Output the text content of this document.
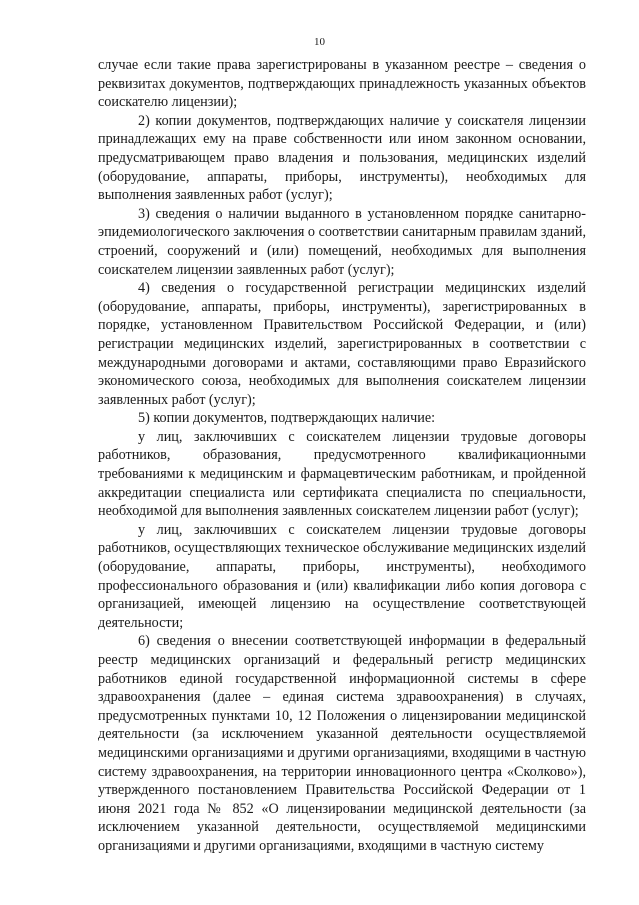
10

случае если такие права зарегистрированы в указанном реестре – сведения о реквизитах документов, подтверждающих принадлежность указанных объектов соискателю лицензии);

2) копии документов, подтверждающих наличие у соискателя лицензии принадлежащих ему на праве собственности или ином законном основании, предусматривающем право владения и пользования, медицинских изделий (оборудование, аппараты, приборы, инструменты), необходимых для выполнения заявленных работ (услуг);

3) сведения о наличии выданного в установленном порядке санитарно-эпидемиологического заключения о соответствии санитарным правилам зданий, строений, сооружений и (или) помещений, необходимых для выполнения соискателем лицензии заявленных работ (услуг);

4) сведения о государственной регистрации медицинских изделий (оборудование, аппараты, приборы, инструменты), зарегистрированных в порядке, установленном Правительством Российской Федерации, и (или) регистрации медицинских изделий, зарегистрированных в соответствии с международными договорами и актами, составляющими право Евразийского экономического союза, необходимых для выполнения соискателем лицензии заявленных работ (услуг);

5) копии документов, подтверждающих наличие:

у лиц, заключивших с соискателем лицензии трудовые договоры работников, образования, предусмотренного квалификационными требованиями к медицинским и фармацевтическим работникам, и пройденной аккредитации специалиста или сертификата специалиста по специальности, необходимой для выполнения заявленных соискателем лицензии работ (услуг);

у лиц, заключивших с соискателем лицензии трудовые договоры работников, осуществляющих техническое обслуживание медицинских изделий (оборудование, аппараты, приборы, инструменты), необходимого профессионального образования и (или) квалификации либо копия договора с организацией, имеющей лицензию на осуществление соответствующей деятельности;

6) сведения о внесении соответствующей информации в федеральный реестр медицинских организаций и федеральный регистр медицинских работников единой государственной информационной системы в сфере здравоохранения (далее – единая система здравоохранения) в случаях, предусмотренных пунктами 10, 12 Положения о лицензировании медицинской деятельности (за исключением указанной деятельности осуществляемой медицинскими организациями и другими организациями, входящими в частную систему здравоохранения, на территории инновационного центра «Сколково»), утвержденного постановлением Правительства Российской Федерации от 1 июня 2021 года № 852 «О лицензировании медицинской деятельности (за исключением указанной деятельности, осуществляемой медицинскими организациями и другими организациями, входящими в частную систему
